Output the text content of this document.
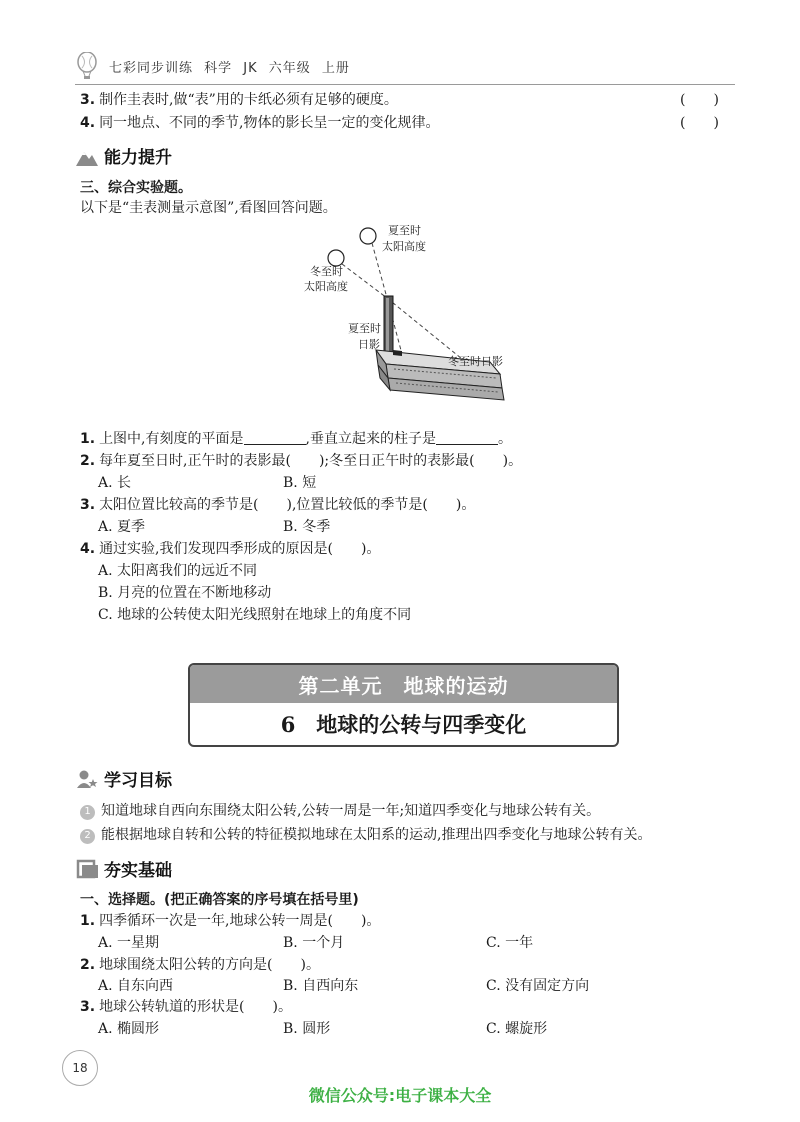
七彩同步训练 科学 JK 六年级 上册
3. 制作圭表时,做“表”用的卡纸必须有足够的硬度。	(　　)
4. 同一地点、不同的季节,物体的影长呈一定的变化规律。	(　　)
能力提升
三、综合实验题。
以下是“圭表测量示意图”,看图回答问题。
夏至时
太阳高度
冬至时
太阳高度
夏至时
日影
冬至时日影
1. 上图中,有刻度的平面是	,垂直立起来的柱子是	。
2. 每年夏至日时,正午时的表影最(　　);冬至日正午时的表影最(　　)。
A. 长	B. 短
3. 太阳位置比较高的季节是(　　),位置比较低的季节是(　　)。
A. 夏季	B. 冬季
4. 通过实验,我们发现四季形成的原因是(　　)。
A. 太阳离我们的远近不同
B. 月亮的位置在不断地移动
C. 地球的公转使太阳光线照射在地球上的角度不同
第二单元　地球的运动
6　地球的公转与四季变化
学习目标
1 知道地球自西向东围绕太阳公转,公转一周是一年;知道四季变化与地球公转有关。
2 能根据地球自转和公转的特征模拟地球在太阳系的运动,推理出四季变化与地球公转有关。
夯实基础
一、选择题。(把正确答案的序号填在括号里)
1. 四季循环一次是一年,地球公转一周是(　　)。
A. 一星期	B. 一个月	C. 一年
2. 地球围绕太阳公转的方向是(　　)。
A. 自东向西	B. 自西向东	C. 没有固定方向
3. 地球公转轨道的形状是(　　)。
A. 椭圆形	B. 圆形	C. 螺旋形
18
微信公众号:电子课本大全
